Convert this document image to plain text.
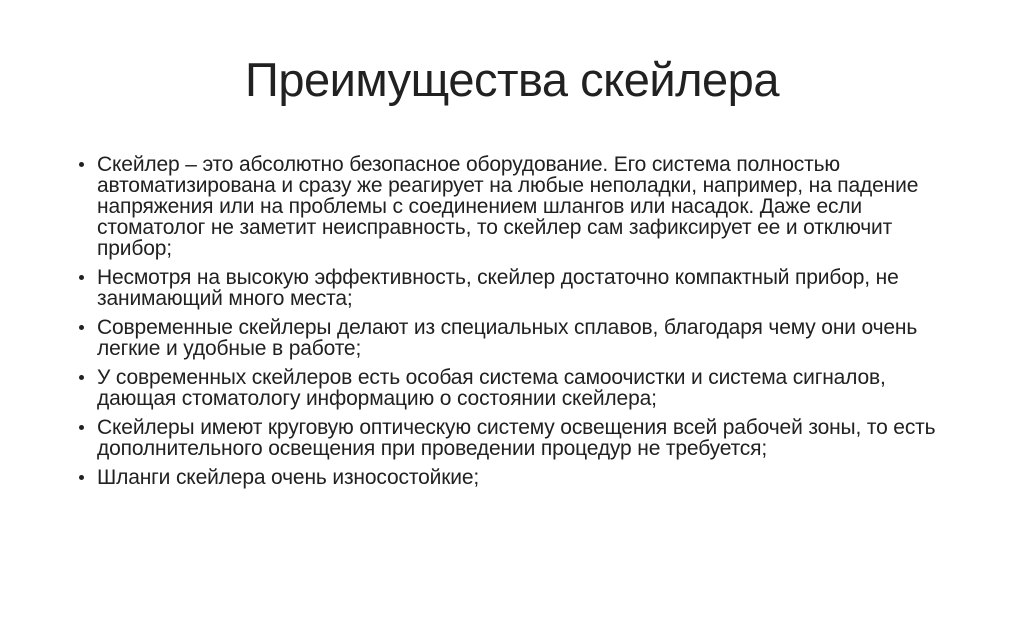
Преимущества скейлера
Скейлер – это абсолютно безопасное оборудование. Его система полностью автоматизирована и сразу же реагирует на любые неполадки, например, на падение напряжения или на проблемы с соединением шлангов или насадок. Даже если стоматолог не заметит неисправность, то скейлер сам зафиксирует ее и отключит прибор;
Несмотря на высокую эффективность, скейлер достаточно компактный прибор, не занимающий много места;
Современные скейлеры делают из специальных сплавов, благодаря чему они очень легкие и удобные в работе;
У современных скейлеров есть особая система самоочистки и система сигналов, дающая стоматологу информацию о состоянии скейлера;
Скейлеры имеют круговую оптическую систему освещения всей рабочей зоны, то есть дополнительного освещения при проведении процедур не требуется;
Шланги скейлера очень износостойкие;
